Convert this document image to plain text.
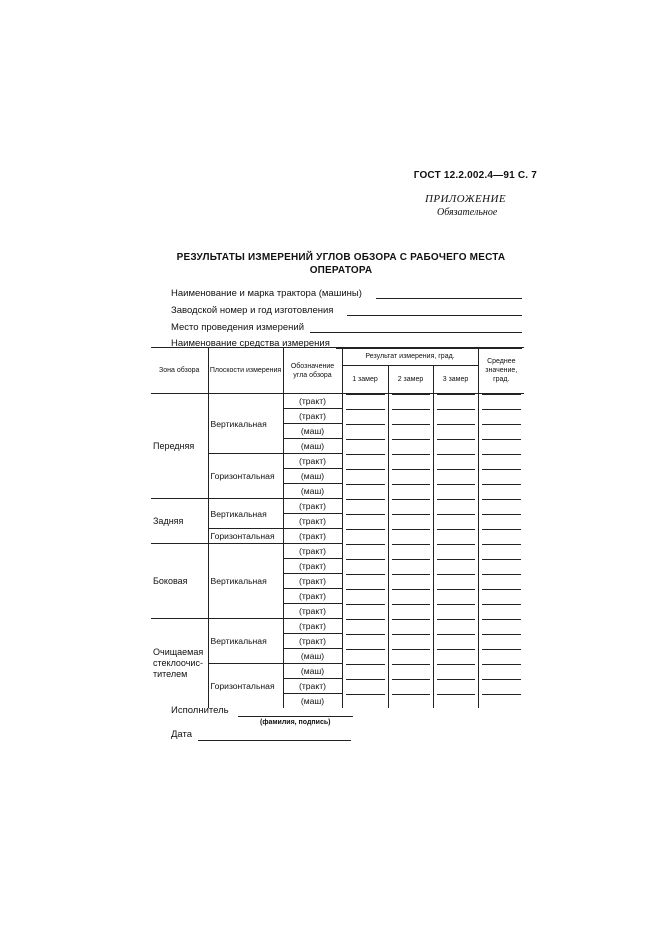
ГОСТ 12.2.002.4—91 С. 7
ПРИЛОЖЕНИЕ
Обязательное
РЕЗУЛЬТАТЫ ИЗМЕРЕНИЙ УГЛОВ ОБЗОРА С РАБОЧЕГО МЕСТА
ОПЕРАТОРА
Наименование и марка трактора (машины)
Заводской номер и год изготовления
Место проведения измерений
Наименование средства измерения
Зона обзора	Плоскости измерения	Обозначение угла обзора	Результат измерения, град.			Среднее значение, град.
			1 замер	2 замер	3 замер	
Передняя	Вертикальная	(тракт)	

		(тракт)	

		(маш)	

		(маш)	

	Горизонтальная	(тракт)	

		(маш)	

		(маш)	

Задняя	Вертикальная	(тракт)	

		(тракт)	

	Горизонтальная	(тракт)	

Боковая	Вертикальная	(тракт)	

		(тракт)	

		(тракт)	

		(тракт)	

		(тракт)	

Очищаемая стеклоочис-тителем	Вертикальная	(тракт)	

		(тракт)	

		(маш)	

	Горизонтальная	(маш)	

		(тракт)	

		(маш)	

Исполнитель
(фамилия, подпись)
Дата
